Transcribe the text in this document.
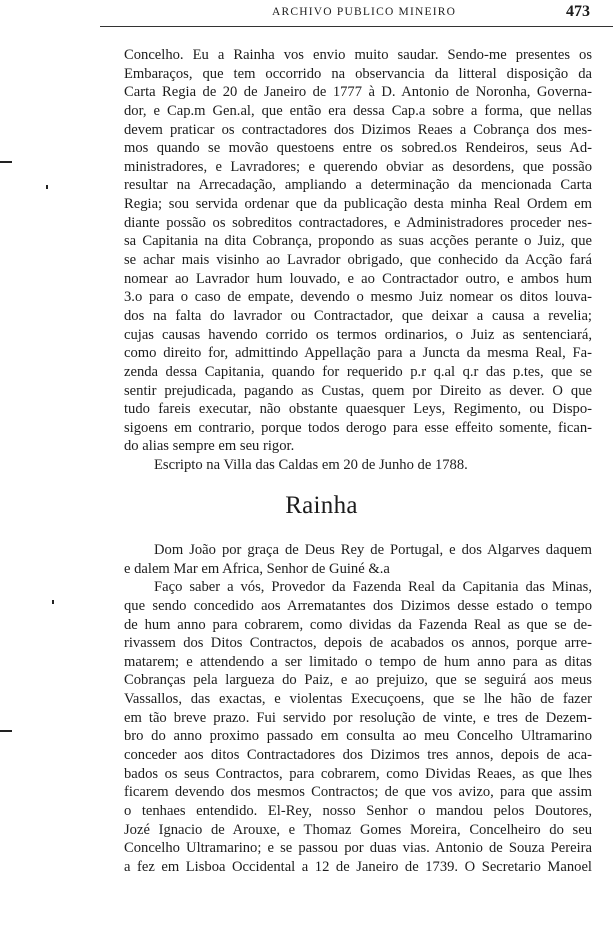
ARCHIVO PUBLICO MINEIRO	473
Concelho. Eu a Rainha vos envio muito saudar. Sendo-me presentes os
Embaraços, que tem occorrido na observancia da litteral disposição da
Carta Regia de 20 de Janeiro de 1777 à D. Antonio de Noronha, Governa-
dor, e Cap.m Gen.al, que então era dessa Cap.a sobre a forma, que nellas
devem praticar os contractadores dos Dizimos Reaes a Cobrança dos mes-
mos quando se movão questoens entre os sobred.os Rendeiros, seus Ad-
ministradores, e Lavradores; e querendo obviar as desordens, que possão
resultar na Arrecadação, ampliando a determinação da mencionada Carta
Regia; sou servida ordenar que da publicação desta minha Real Ordem em
diante possão os sobreditos contractadores, e Administradores proceder nes-
sa Capitania na dita Cobrança, propondo as suas acções perante o Juiz, que
se achar mais visinho ao Lavrador obrigado, que conhecido da Acção fará
nomear ao Lavrador hum louvado, e ao Contractador outro, e ambos hum
3.o para o caso de empate, devendo o mesmo Juiz nomear os ditos louva-
dos na falta do lavrador ou Contractador, que deixar a causa a revelia;
cujas causas havendo corrido os termos ordinarios, o Juiz as sentenciará,
como direito for, admittindo Appellação para a Juncta da mesma Real, Fa-
zenda dessa Capitania, quando for requerido p.r q.al q.r das p.tes, que se
sentir prejudicada, pagando as Custas, quem por Direito as dever. O que
tudo fareis executar, não obstante quaesquer Leys, Regimento, ou Dispo-
sigoens em contrario, porque todos derogo para esse effeito somente, fican-
do alias sempre em seu rigor.
Escripto na Villa das Caldas em 20 de Junho de 1788.
Rainha
Dom João por graça de Deus Rey de Portugal, e dos Algarves daquem
e dalem Mar em Africa, Senhor de Guiné &.a
Faço saber a vós, Provedor da Fazenda Real da Capitania das Minas,
que sendo concedido aos Arrematantes dos Dizimos desse estado o tempo
de hum anno para cobrarem, como dividas da Fazenda Real as que se de-
rivassem dos Ditos Contractos, depois de acabados os annos, porque arre-
matarem; e attendendo a ser limitado o tempo de hum anno para as ditas
Cobranças pela largueza do Paiz, e ao prejuizo, que se seguirá aos meus
Vassallos, das exactas, e violentas Execuçoens, que se lhe hão de fazer
em tão breve prazo. Fui servido por resolução de vinte, e tres de Dezem-
bro do anno proximo passado em consulta ao meu Concelho Ultramarino
conceder aos ditos Contractadores dos Dizimos tres annos, depois de aca-
bados os seus Contractos, para cobrarem, como Dividas Reaes, as que lhes
ficarem devendo dos mesmos Contractos; de que vos avizo, para que assim
o tenhaes entendido. El-Rey, nosso Senhor o mandou pelos Doutores,
Jozé Ignacio de Arouxe, e Thomaz Gomes Moreira, Concelheiro do seu
Concelho Ultramarino; e se passou por duas vias. Antonio de Souza Pereira
a fez em Lisboa Occidental a 12 de Janeiro de 1739. O Secretario Manoel
